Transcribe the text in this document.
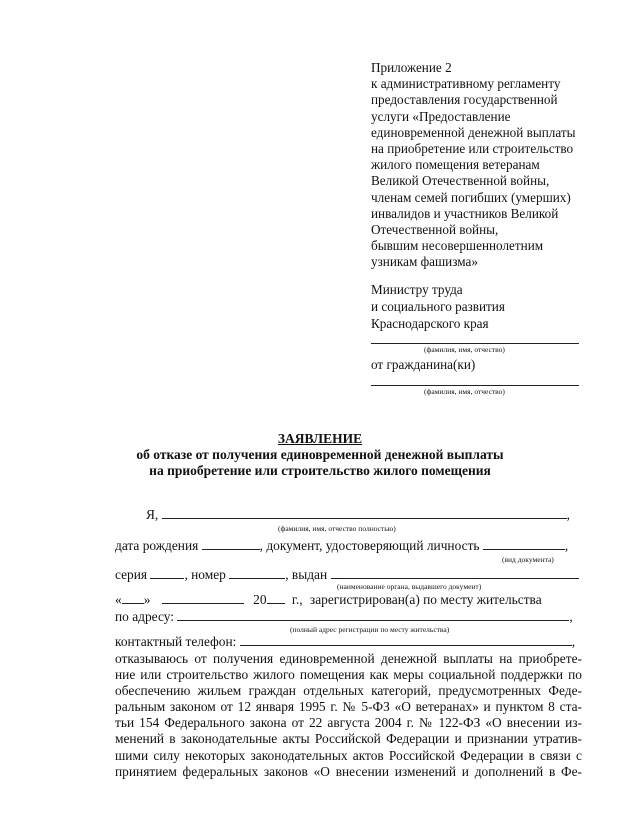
Приложение 2
к административному регламенту
предоставления государственной
услуги «Предоставление
единовременной денежной выплаты
на приобретение или строительство
жилого помещения ветеранам
Великой Отечественной войны,
членам семей погибших (умерших)
инвалидов и участников Великой
Отечественной войны,
бывшим несовершеннолетним
узникам фашизма»
Министру труда
и социального развития
Краснодарского края
(фамилия, имя, отчество)
от гражданина(ки)
(фамилия, имя, отчество)
ЗАЯВЛЕНИЕ
об отказе от получения единовременной денежной выплаты
на приобретение или строительство жилого помещения
Я,	,
(фамилия, имя, отчество полностью)
дата рождения	, документ, удостоверяющий личность	,
(вид документа)
серия	, номер	, выдан
(наименование органа, выдавшего документ)
« »	20 г., зарегистрирован(а) по месту жительства
по адресу:	,
(полный адрес регистрации по месту жительства)
контактный телефон:	,
отказываюсь от получения единовременной денежной выплаты на приобрете-
ние или строительство жилого помещения как меры социальной поддержки по
обеспечению жильем граждан отдельных категорий, предусмотренных Феде-
ральным законом от 12 января 1995 г. № 5-ФЗ «О ветеранах» и пунктом 8 ста-
тьи 154 Федерального закона от 22 августа 2004 г. № 122-ФЗ «О внесении из-
менений в законодательные акты Российской Федерации и признании утратив-
шими силу некоторых законодательных актов Российской Федерации в связи с
принятием федеральных законов «О внесении изменений и дополнений в Фе-
